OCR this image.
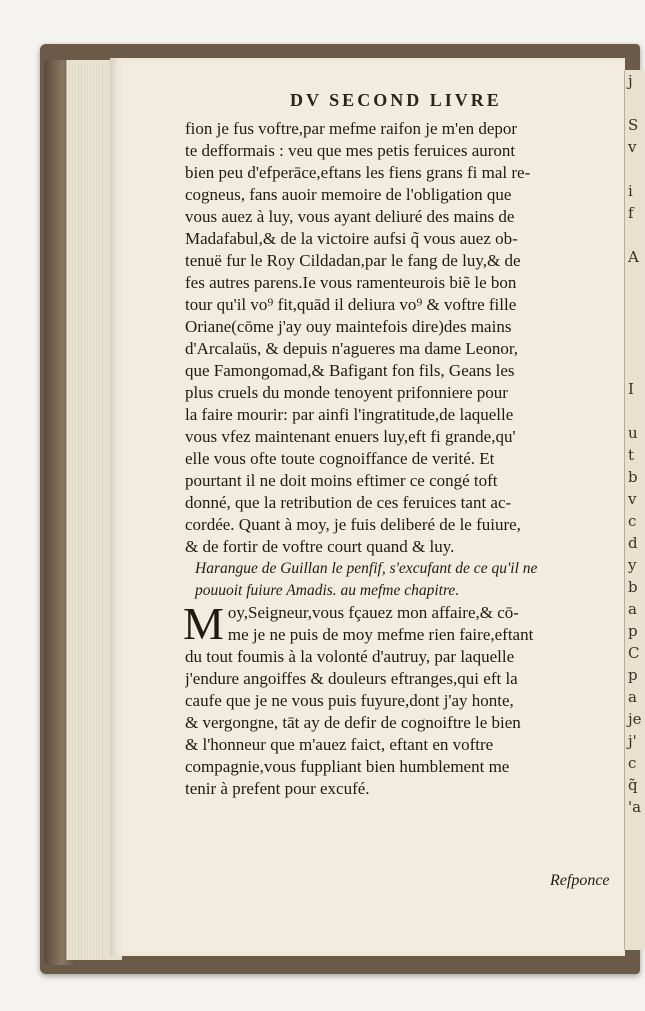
j

S
v

i
f

A

I

u
t
b
v
c
d
y
b
a
p
C
p
a
je
j'
c
q̃
'a
DV SECOND LIVRE
fion je fus voftre,par mefme raifon je m'en depor
te defformais : veu que mes petis feruices auront
bien peu d'efperāce,eftans les fiens grans fi mal re-
cogneus, fans auoir memoire de l'obligation que
vous auez à luy, vous ayant deliuré des mains de
Madafabul,& de la victoire aufsi q̃ vous auez ob-
tenuë fur le Roy Cildadan,par le fang de luy,& de
fes autres parens.Ie vous ramenteurois biẽ le bon
tour qu'il vo⁹ fit,quād il deliura vo⁹ & voftre fille
Oriane(cōme j'ay ouy maintefois dire)des mains
d'Arcalaüs, & depuis n'agueres ma dame Leonor,
que Famongomad,& Bafigant fon fils, Geans les
plus cruels du monde tenoyent prifonniere pour
la faire mourir: par ainfi l'ingratitude,de laquelle
vous vfez maintenant enuers luy,eft fi grande,qu'
elle vous ofte toute cognoiffance de verité. Et
pourtant il ne doit moins eftimer ce congé toft
donné, que la retribution de ces feruices tant ac-
cordée. Quant à moy, je fuis deliberé de le fuiure,
& de fortir de voftre court quand & luy.
Harangue de Guillan le penfif, s'excufant de ce qu'il ne
pouuoit fuiure Amadis. au mefme chapitre.
M oy,Seigneur,vous fçauez mon affaire,& cō-
me je ne puis de moy mefme rien faire,eftant
du tout foumis à la volonté d'autruy, par laquelle
j'endure angoiffes & douleurs eftranges,qui eft la
caufe que je ne vous puis fuyure,dont j'ay honte,
& vergongne, tāt ay de defir de cognoiftre le bien
& l'honneur que m'auez faict, eftant en voftre
compagnie,vous fuppliant bien humblement me
tenir à prefent pour excufé.
Refponce
